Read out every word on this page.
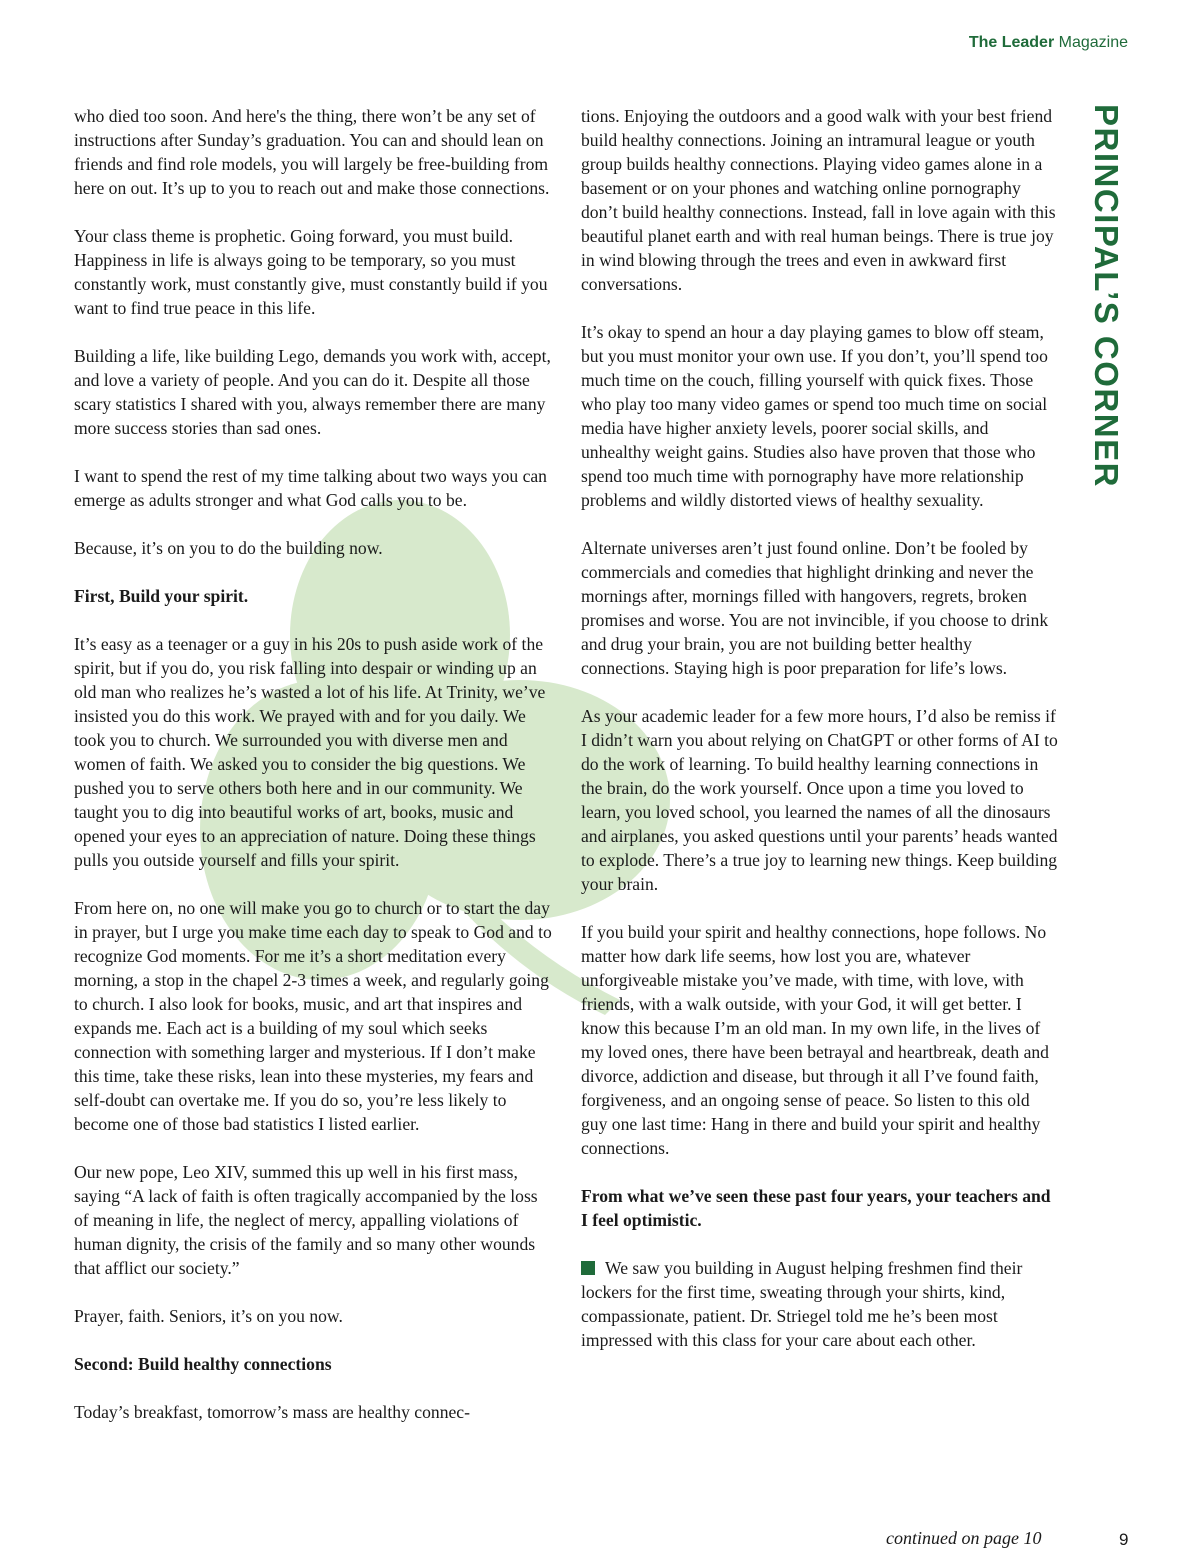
The Leader Magazine
PRINCIPAL’S CORNER

who died too soon. And here's the thing, there won’t be any set of instructions after Sunday’s graduation. You can and should lean on friends and find role models, you will largely be free-building from here on out. It’s up to you to reach out and make those connections.

Your class theme is prophetic. Going forward, you must build. Happiness in life is always going to be temporary, so you must constantly work, must constantly give, must constantly build if you want to find true peace in this life.

Building a life, like building Lego, demands you work with, accept, and love a variety of people. And you can do it. Despite all those scary statistics I shared with you, always remember there are many more success stories than sad ones.

I want to spend the rest of my time talking about two ways you can emerge as adults stronger and what God calls you to be.

Because, it’s on you to do the building now.

First, Build your spirit.

It’s easy as a teenager or a guy in his 20s to push aside work of the spirit, but if you do, you risk falling into despair or winding up an old man who realizes he’s wasted a lot of his life. At Trinity, we’ve insisted you do this work. We prayed with and for you daily. We took you to church. We surrounded you with diverse men and women of faith. We asked you to consider the big questions. We pushed you to serve others both here and in our community. We taught you to dig into beautiful works of art, books, music and opened your eyes to an appreciation of nature. Doing these things pulls you outside yourself and fills your spirit.

From here on, no one will make you go to church or to start the day in prayer, but I urge you make time each day to speak to God and to recognize God moments. For me it’s a short meditation every morning, a stop in the chapel 2-3 times a week, and regularly going to church. I also look for books, music, and art that inspires and expands me. Each act is a building of my soul which seeks connection with something larger and mysterious. If I don’t make this time, take these risks, lean into these mysteries, my fears and self-doubt can overtake me. If you do so, you’re less likely to become one of those bad statistics I listed earlier.

Our new pope, Leo XIV, summed this up well in his first mass, saying “A lack of faith is often tragically accompanied by the loss of meaning in life, the neglect of mercy, appalling violations of human dignity, the crisis of the family and so many other wounds that afflict our society.”

Prayer, faith. Seniors, it’s on you now.

Second: Build healthy connections

Today’s breakfast, tomorrow’s mass are healthy connec-

tions. Enjoying the outdoors and a good walk with your best friend build healthy connections. Joining an intramural league or youth group builds healthy connections. Playing video games alone in a basement or on your phones and watching online pornography don’t build healthy connections. Instead, fall in love again with this beautiful planet earth and with real human beings. There is true joy in wind blowing through the trees and even in awkward first conversations.

It’s okay to spend an hour a day playing games to blow off steam, but you must monitor your own use. If you don’t, you’ll spend too much time on the couch, filling yourself with quick fixes. Those who play too many video games or spend too much time on social media have higher anxiety levels, poorer social skills, and unhealthy weight gains. Studies also have proven that those who spend too much time with pornography have more relationship problems and wildly distorted views of healthy sexuality.

Alternate universes aren’t just found online. Don’t be fooled by commercials and comedies that highlight drinking and never the mornings after, mornings filled with hangovers, regrets, broken promises and worse. You are not invincible, if you choose to drink and drug your brain, you are not building better healthy connections. Staying high is poor preparation for life’s lows.

As your academic leader for a few more hours, I’d also be remiss if I didn’t warn you about relying on ChatGPT or other forms of AI to do the work of learning. To build healthy learning connections in the brain, do the work yourself. Once upon a time you loved to learn, you loved school, you learned the names of all the dinosaurs and airplanes, you asked questions until your parents’ heads wanted to explode. There’s a true joy to learning new things. Keep building your brain.

If you build your spirit and healthy connections, hope follows. No matter how dark life seems, how lost you are, whatever unforgiveable mistake you’ve made, with time, with love, with friends, with a walk outside, with your God, it will get better. I know this because I’m an old man. In my own life, in the lives of my loved ones, there have been betrayal and heartbreak, death and divorce, addiction and disease, but through it all I’ve found faith, forgiveness, and an ongoing sense of peace. So listen to this old guy one last time: Hang in there and build your spirit and healthy connections.

From what we’ve seen these past four years, your teachers and I feel optimistic.

We saw you building in August helping freshmen find their lockers for the first time, sweating through your shirts, kind, compassionate, patient. Dr. Striegel told me he’s been most impressed with this class for your care about each other.

continued on page 10	9
